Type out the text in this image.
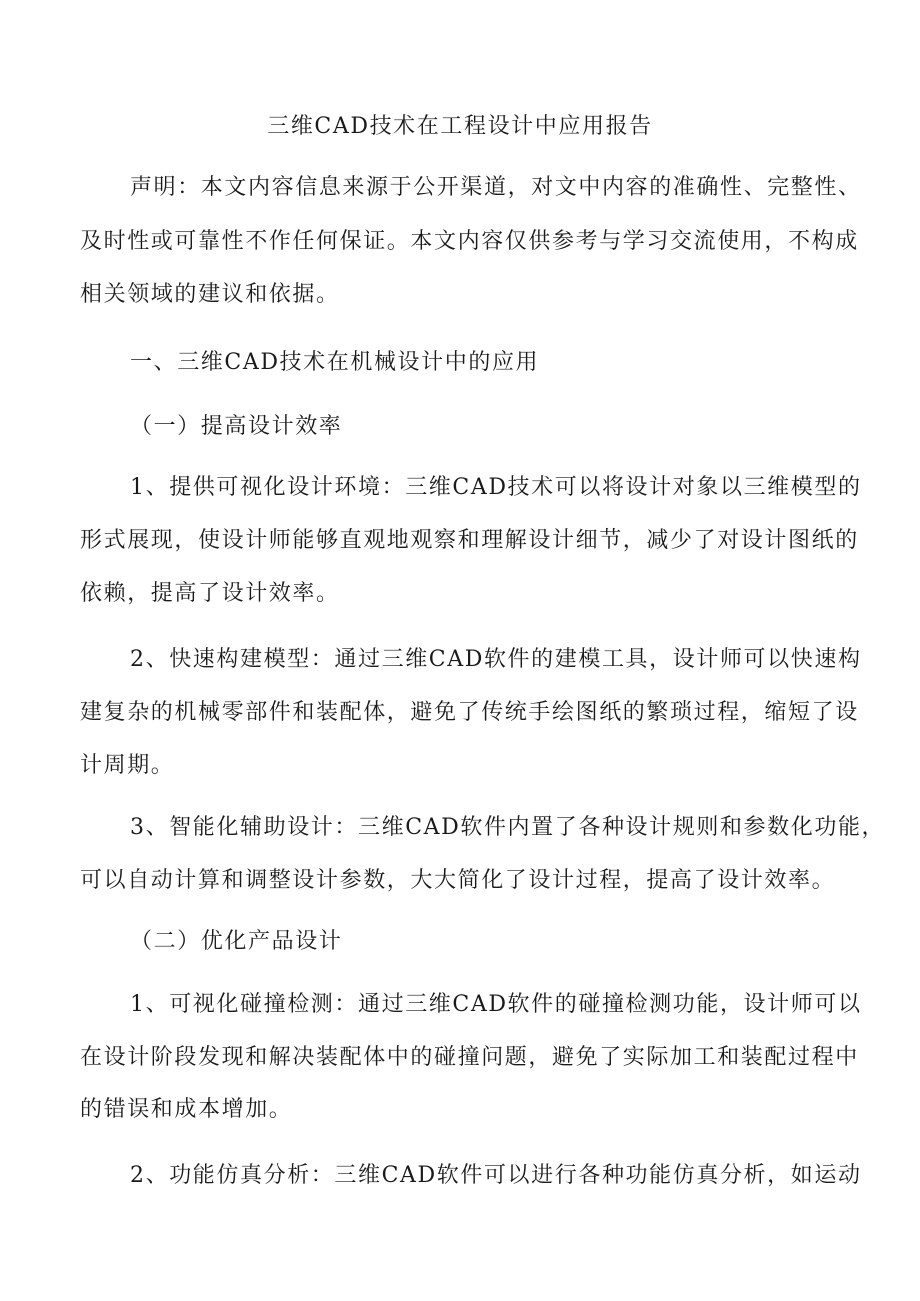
三维CAD技术在工程设计中应用报告
声明：本文内容信息来源于公开渠道，对文中内容的准确性、完整性、
及时性或可靠性不作任何保证。本文内容仅供参考与学习交流使用，不构成
相关领域的建议和依据。
一、三维CAD技术在机械设计中的应用
（一）提高设计效率
1、提供可视化设计环境：三维CAD技术可以将设计对象以三维模型的
形式展现，使设计师能够直观地观察和理解设计细节，减少了对设计图纸的
依赖，提高了设计效率。
2、快速构建模型：通过三维CAD软件的建模工具，设计师可以快速构
建复杂的机械零部件和装配体，避免了传统手绘图纸的繁琐过程，缩短了设
计周期。
3、智能化辅助设计：三维CAD软件内置了各种设计规则和参数化功能，
可以自动计算和调整设计参数，大大简化了设计过程，提高了设计效率。
（二）优化产品设计
1、可视化碰撞检测：通过三维CAD软件的碰撞检测功能，设计师可以
在设计阶段发现和解决装配体中的碰撞问题，避免了实际加工和装配过程中
的错误和成本增加。
2、功能仿真分析：三维CAD软件可以进行各种功能仿真分析，如运动
